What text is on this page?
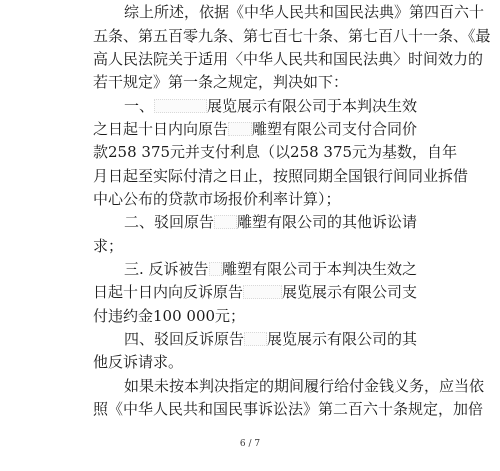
综上所述，依据《中华人民共和国民法典》第四百六十
五条、第五百零九条、第七百七十条、第七百八十一条、《最
高人民法院关于适用〈中华人民共和国民法典〉时间效力的
若干规定》第一条之规定，判决如下：
一、	展览展示有限公司于本判决生效
之日起十日内向原告 雕塑有限公司支付合同价
款258 375元并支付利息（以258 375元为基数，自 年
月 日起至实际付清之日止，按照同期全国银行间同业拆借
中心公布的贷款市场报价利率计算）；
二、驳回原告 雕塑有限公司的其他诉讼请
求；
三. 反诉被告 雕塑有限公司于本判决生效之
日起十日内向反诉原告	展览展示有限公司支
付违约金100 000元；
四、驳回反诉原告 展览展示有限公司的其
他反诉请求。
如果未按本判决指定的期间履行给付金钱义务，应当依
照《中华人民共和国民事诉讼法》第二百六十条规定，加倍
6 / 7
